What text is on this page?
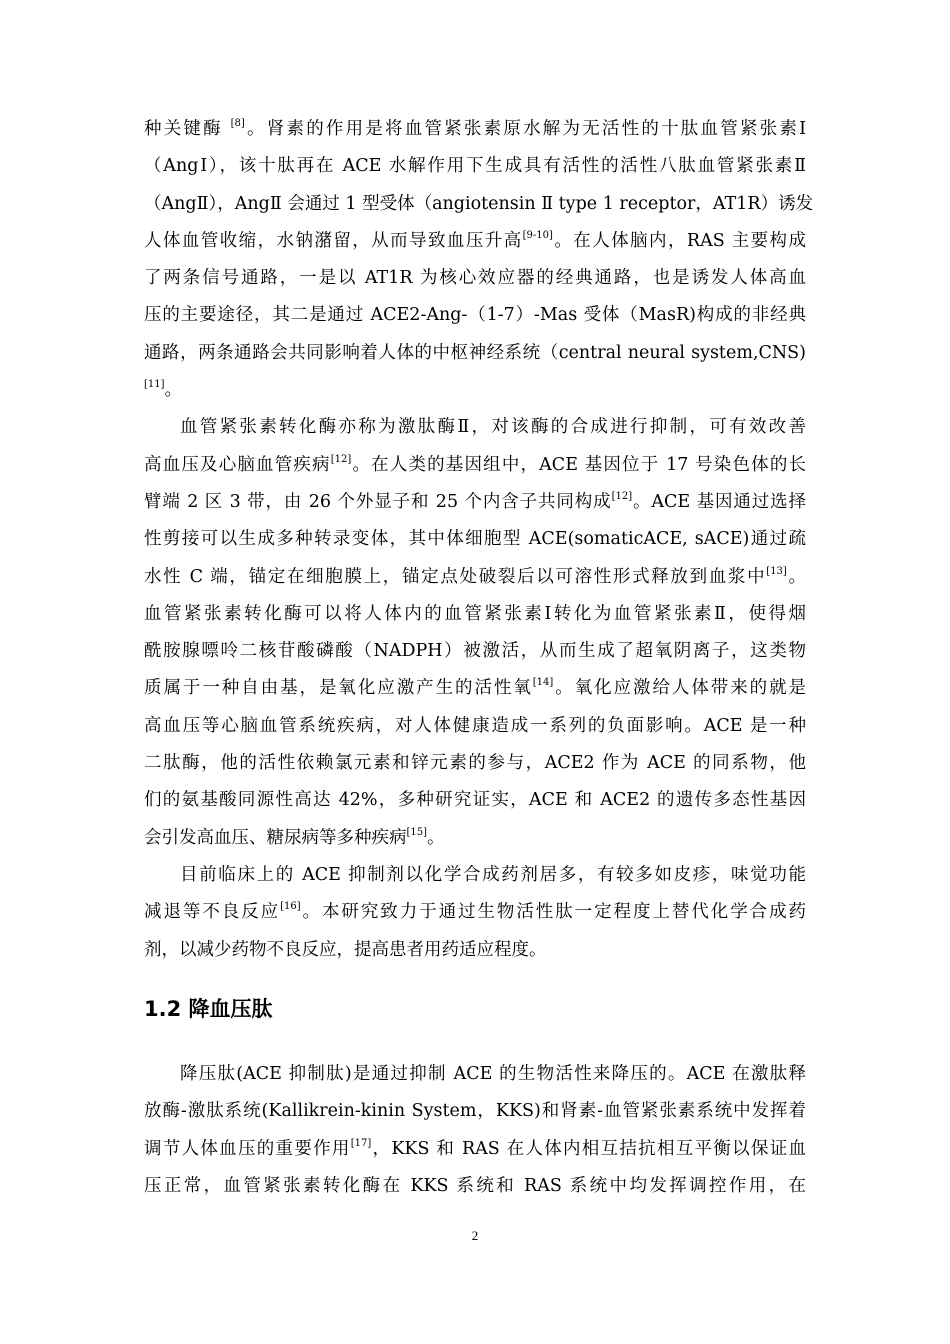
种关键酶 [8]。肾素的作用是将血管紧张素原水解为无活性的十肽血管紧张素Ⅰ
（AngⅠ），该十肽再在 ACE 水解作用下生成具有活性的活性八肽血管紧张素Ⅱ
（AngⅡ），AngⅡ 会通过 1 型受体（angiotensin Ⅱ type 1 receptor，AT1R）诱发
人体血管收缩，水钠潴留，从而导致血压升高[9-10]。在人体脑内，RAS 主要构成
了两条信号通路，一是以 AT1R 为核心效应器的经典通路，也是诱发人体高血
压的主要途径，其二是通过 ACE2-Ang-（1-7）-Mas 受体（MasR)构成的非经典
通路，两条通路会共同影响着人体的中枢神经系统（central neural system,CNS)
[11]。
血管紧张素转化酶亦称为激肽酶Ⅱ，对该酶的合成进行抑制，可有效改善
高血压及心脑血管疾病[12]。在人类的基因组中，ACE 基因位于 17 号染色体的长
臂端 2 区 3 带，由 26 个外显子和 25 个内含子共同构成[12]。ACE 基因通过选择
性剪接可以生成多种转录变体，其中体细胞型 ACE(somaticACE, sACE)通过疏
水性 C 端，锚定在细胞膜上，锚定点处破裂后以可溶性形式释放到血浆中[13]。
血管紧张素转化酶可以将人体内的血管紧张素Ⅰ转化为血管紧张素Ⅱ，使得烟
酰胺腺嘌呤二核苷酸磷酸（NADPH）被激活，从而生成了超氧阴离子，这类物
质属于一种自由基，是氧化应激产生的活性氧[14]。氧化应激给人体带来的就是
高血压等心脑血管系统疾病，对人体健康造成一系列的负面影响。ACE 是一种
二肽酶，他的活性依赖氯元素和锌元素的参与，ACE2 作为 ACE 的同系物，他
们的氨基酸同源性高达 42%，多种研究证实，ACE 和 ACE2 的遗传多态性基因
会引发高血压、糖尿病等多种疾病[15]。
目前临床上的 ACE 抑制剂以化学合成药剂居多，有较多如皮疹，味觉功能
减退等不良反应[16]。本研究致力于通过生物活性肽一定程度上替代化学合成药
剂，以减少药物不良反应，提高患者用药适应程度。
1.2 降血压肽
降压肽(ACE 抑制肽)是通过抑制 ACE 的生物活性来降压的。ACE 在激肽释
放酶-激肽系统(Kallikrein-kinin System，KKS)和肾素-血管紧张素系统中发挥着
调节人体血压的重要作用[17]，KKS 和 RAS 在人体内相互拮抗相互平衡以保证血
压正常，血管紧张素转化酶在 KKS 系统和 RAS 系统中均发挥调控作用，在
2
